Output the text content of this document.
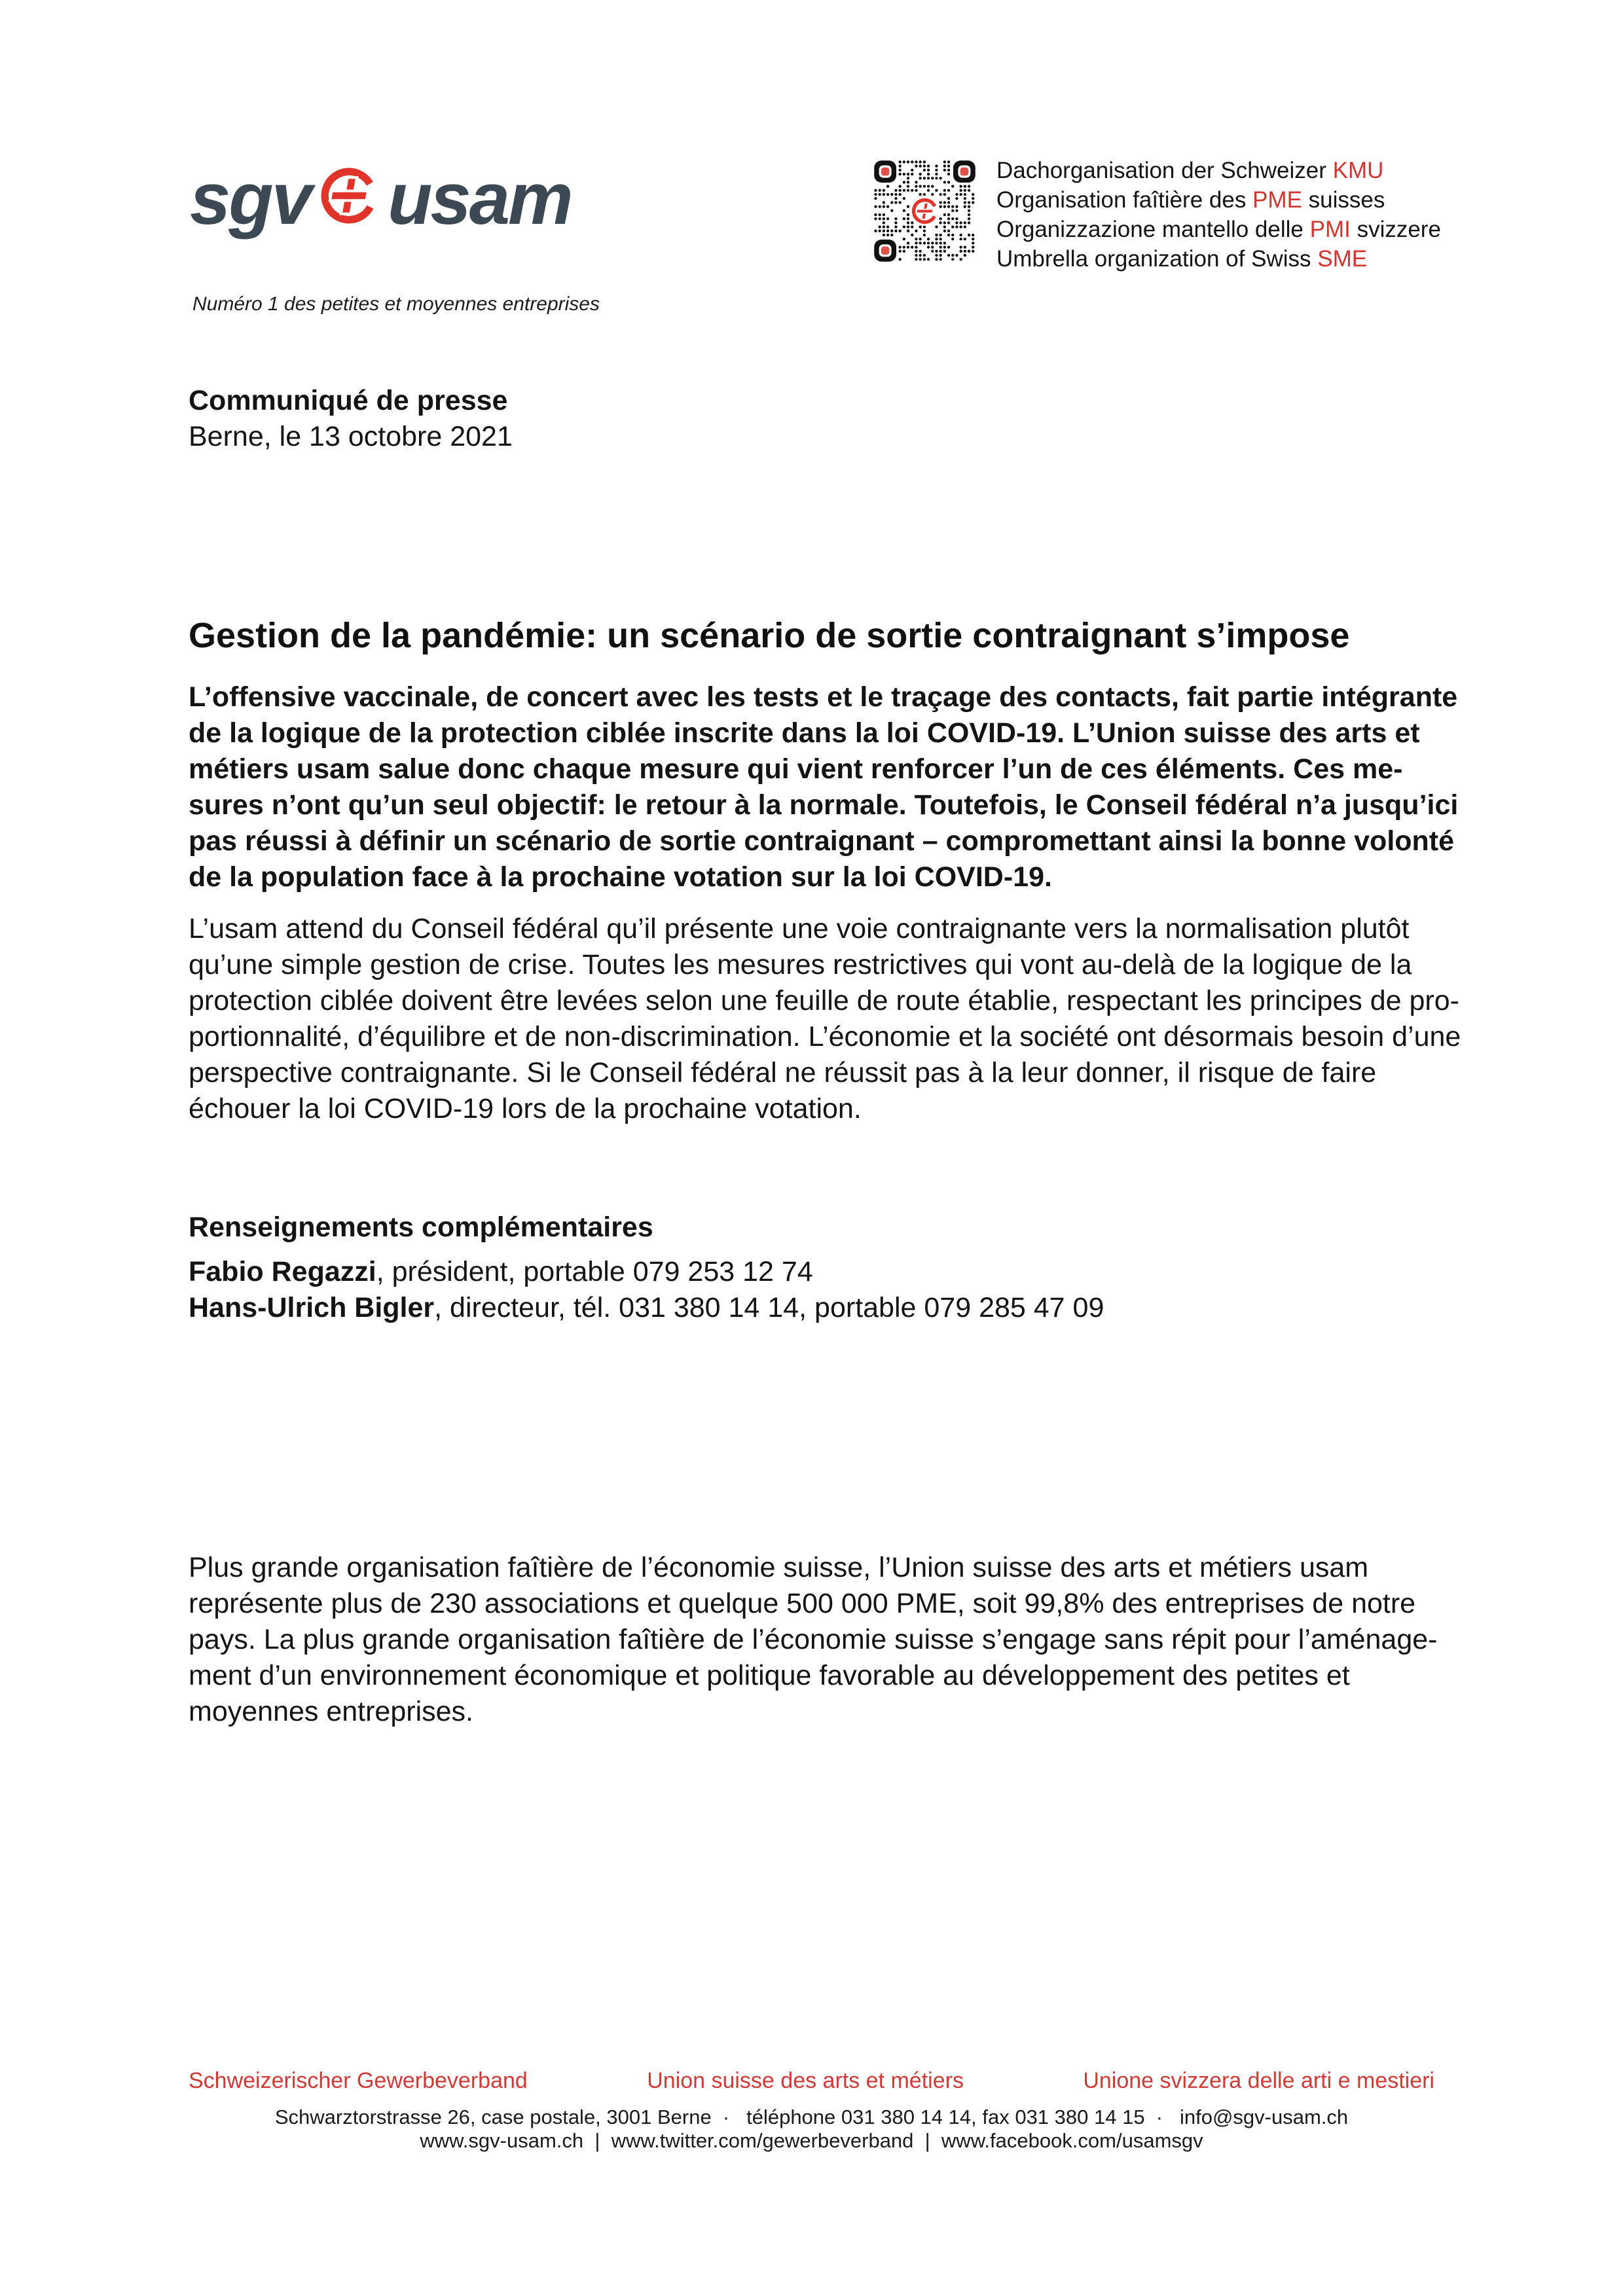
sgv usam
Numéro 1 des petites et moyennes entreprises
Dachorganisation der Schweizer KMU
Organisation faîtière des PME suisses
Organizzazione mantello delle PMI svizzere
Umbrella organization of Swiss SME
Communiqué de presse
Berne, le 13 octobre 2021
Gestion de la pandémie: un scénario de sortie contraignant s’impose
L’offensive vaccinale, de concert avec les tests et le traçage des contacts, fait partie intégrante
de la logique de la protection ciblée inscrite dans la loi COVID-19. L’Union suisse des arts et
métiers usam salue donc chaque mesure qui vient renforcer l’un de ces éléments. Ces me-
sures n’ont qu’un seul objectif: le retour à la normale. Toutefois, le Conseil fédéral n’a jusqu’ici
pas réussi à définir un scénario de sortie contraignant – compromettant ainsi la bonne volonté
de la population face à la prochaine votation sur la loi COVID-19.
L’usam attend du Conseil fédéral qu’il présente une voie contraignante vers la normalisation plutôt
qu’une simple gestion de crise. Toutes les mesures restrictives qui vont au-delà de la logique de la
protection ciblée doivent être levées selon une feuille de route établie, respectant les principes de pro-
portionnalité, d’équilibre et de non-discrimination. L’économie et la société ont désormais besoin d’une
perspective contraignante. Si le Conseil fédéral ne réussit pas à la leur donner, il risque de faire
échouer la loi COVID-19 lors de la prochaine votation.
Renseignements complémentaires
Fabio Regazzi, président, portable 079 253 12 74
Hans-Ulrich Bigler, directeur, tél. 031 380 14 14, portable 079 285 47 09
Plus grande organisation faîtière de l’économie suisse, l’Union suisse des arts et métiers usam
représente plus de 230 associations et quelque 500 000 PME, soit 99,8% des entreprises de notre
pays. La plus grande organisation faîtière de l’économie suisse s’engage sans répit pour l’aménage-
ment d’un environnement économique et politique favorable au développement des petites et
moyennes entreprises.
Schweizerischer Gewerbeverband	Union suisse des arts et métiers	Unione svizzera delle arti e mestieri
Schwarztorstrasse 26, case postale, 3001 Berne  ·   téléphone 031 380 14 14, fax 031 380 14 15  ·   info@sgv-usam.ch
www.sgv-usam.ch  |  www.twitter.com/gewerbeverband  |  www.facebook.com/usamsgv
